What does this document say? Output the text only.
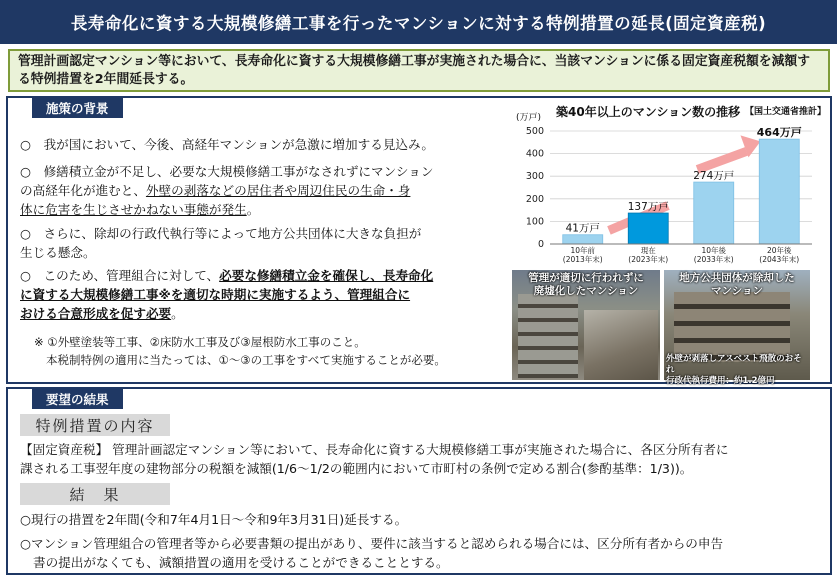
長寿命化に資する大規模修繕工事を行ったマンションに対する特例措置の延長(固定資産税)
管理計画認定マンション等において、長寿命化に資する大規模修繕工事が実施された場合に、当該マンションに係る固定資産税額を減額する特例措置を2年間延長する。
施策の背景
○　我が国において、今後、高経年マンションが急激に増加する見込み。
○　修繕積立金が不足し、必要な大規模修繕工事がなされずにマンション
の高経年化が進むと、外壁の剥落などの居住者や周辺住民の生命・身
体に危害を生じさせかねない事態が発生。
○　さらに、除却の行政代執行等によって地方公共団体に大きな負担が
生じる懸念。
○　このため、管理組合に対して、必要な修繕積立金を確保し、長寿命化
に資する大規模修繕工事※を適切な時期に実施するよう、管理組合に
おける合意形成を促す必要。
※ ①外壁塗装等工事、②床防水工事及び③屋根防水工事のこと。
本税制特例の適用に当たっては、①～③の工事をすべて実施することが必要。
築40年以上のマンション数の推移 【国土交通省推計】
(万戸)
0
100
200
300
400
500
41万戸
10年前
(2013年末)
137万戸
現在
(2023年末)
274万戸
10年後
(2033年末)
464万戸
20年後
(2043年末)
管理が適切に行われずに
廃墟化したマンション
地方公共団体が除却した
マンション
外壁が剥落しアスベスト飛散のおそれ
行政代執行費用：約1.2億円
要望の結果
特例措置の内容
【固定資産税】 管理計画認定マンション等において、長寿命化に資する大規模修繕工事が実施された場合に、各区分所有者に
課される工事翌年度の建物部分の税額を減額(1/6～1/2の範囲内において市町村の条例で定める割合(参酌基準：1/3))。
結　果
○現行の措置を2年間(令和7年4月1日～令和9年3月31日)延長する。
○マンション管理組合の管理者等から必要書類の提出があり、要件に該当すると認められる場合には、区分所有者からの申告
書の提出がなくても、減額措置の適用を受けることができることとする。
